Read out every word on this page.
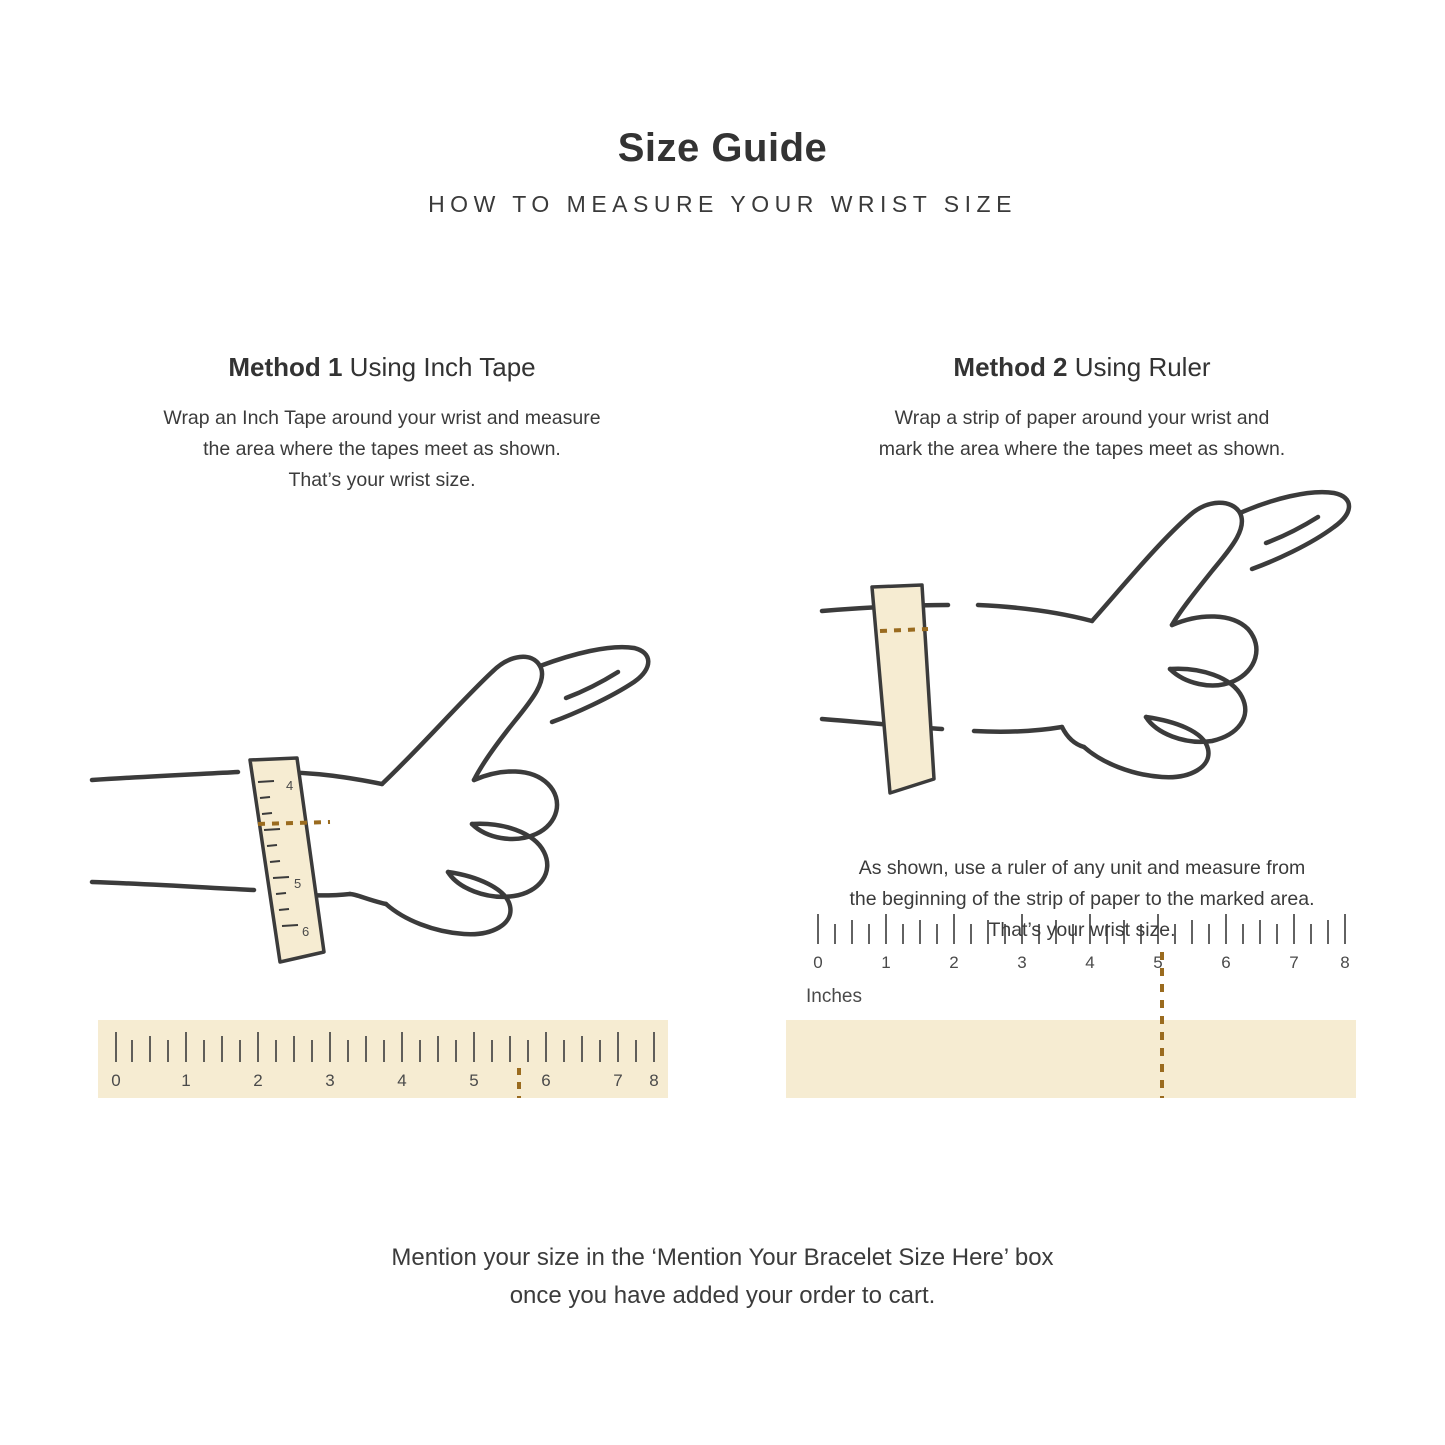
Size Guide
HOW TO MEASURE YOUR WRIST SIZE
Method 1 Using Inch Tape
Wrap an Inch Tape around your wrist and measure
the area where the tapes meet as shown.
That’s your wrist size.
4
5
6
0	1	2	3	4	5	6	7 8
Method 2 Using Ruler
Wrap a strip of paper around your wrist and
mark the area where the tapes meet as shown.
As shown, use a ruler of any unit and measure from
the beginning of the strip of paper to the marked area.
That’s your wrist size.
0	1	2	3	4	5	6	7 8
Inches
Mention your size in the ‘Mention Your Bracelet Size Here’ box
once you have added your order to cart.
